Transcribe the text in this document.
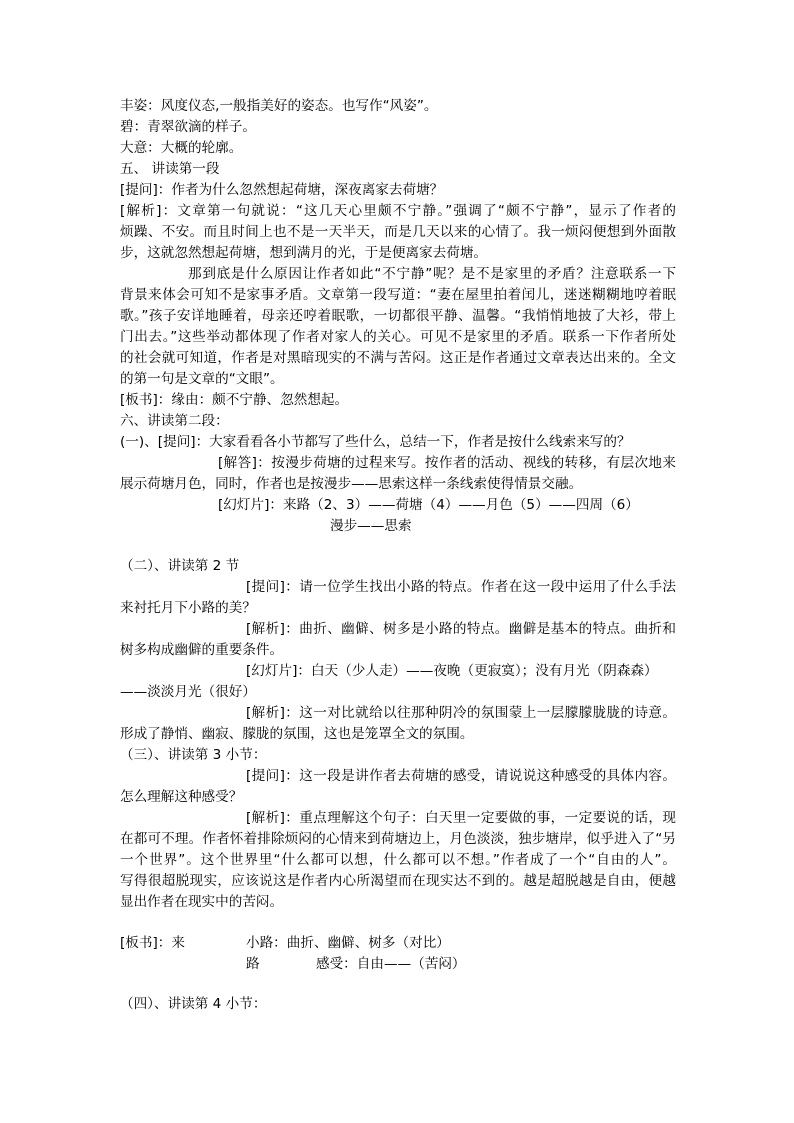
丰姿：风度仪态,一般指美好的姿态。也写作“风姿”。
碧：青翠欲滴的样子。
大意：大概的轮廓。
五、 讲读第一段
[提问]：作者为什么忽然想起荷塘，深夜离家去荷塘？
[解析]：文章第一句就说：“这几天心里颇不宁静。”强调了“颇不宁静”，显示了作者的
烦躁、不安。而且时间上也不是一天半天，而是几天以来的心情了。我一烦闷便想到外面散
步，这就忽然想起荷塘，想到满月的光，于是便离家去荷塘。
那到底是什么原因让作者如此“不宁静”呢？是不是家里的矛盾？注意联系一下
背景来体会可知不是家事矛盾。文章第一段写道：“妻在屋里拍着闰儿，迷迷糊糊地哼着眠
歌。”孩子安详地睡着，母亲还哼着眠歌，一切都很平静、温馨。“我悄悄地披了大衫，带上
门出去。”这些举动都体现了作者对家人的关心。可见不是家里的矛盾。联系一下作者所处
的社会就可知道，作者是对黑暗现实的不满与苦闷。这正是作者通过文章表达出来的。全文
的第一句是文章的“文眼”。
[板书]：缘由：颇不宁静、忽然想起。
六、讲读第二段：
(一)、[提问]：大家看看各小节都写了些什么，总结一下，作者是按什么线索来写的？
[解答]：按漫步荷塘的过程来写。按作者的活动、视线的转移，有层次地来
展示荷塘月色，同时，作者也是按漫步——思索这样一条线索使得情景交融。
[幻灯片]：来路（2、3）——荷塘（4）——月色（5）——四周（6）
漫步——思索
（二）、讲读第 2 节
[提问]：请一位学生找出小路的特点。作者在这一段中运用了什么手法
来衬托月下小路的美？
[解析]：曲折、幽僻、树多是小路的特点。幽僻是基本的特点。曲折和
树多构成幽僻的重要条件。
[幻灯片]：白天（少人走）——夜晚（更寂寞）；没有月光（阴森森）
——淡淡月光（很好）
[解析]：这一对比就给以往那种阴冷的氛围蒙上一层朦朦胧胧的诗意。
形成了静悄、幽寂、朦胧的氛围，这也是笼罩全文的氛围。
（三）、讲读第 3 小节：
[提问]：这一段是讲作者去荷塘的感受，请说说这种感受的具体内容。
怎么理解这种感受？
[解析]：重点理解这个句子：白天里一定要做的事，一定要说的话，现
在都可不理。作者怀着排除烦闷的心情来到荷塘边上，月色淡淡，独步塘岸，似乎进入了“另
一个世界”。这个世界里“什么都可以想，什么都可以不想。”作者成了一个“自由的人”。
写得很超脱现实，应该说这是作者内心所渴望而在现实达不到的。越是超脱越是自由，便越
显出作者在现实中的苦闷。
[板书]：来	小路：曲折、幽僻、树多（对比）
路	感受：自由——（苦闷）
（四）、讲读第 4 小节：
